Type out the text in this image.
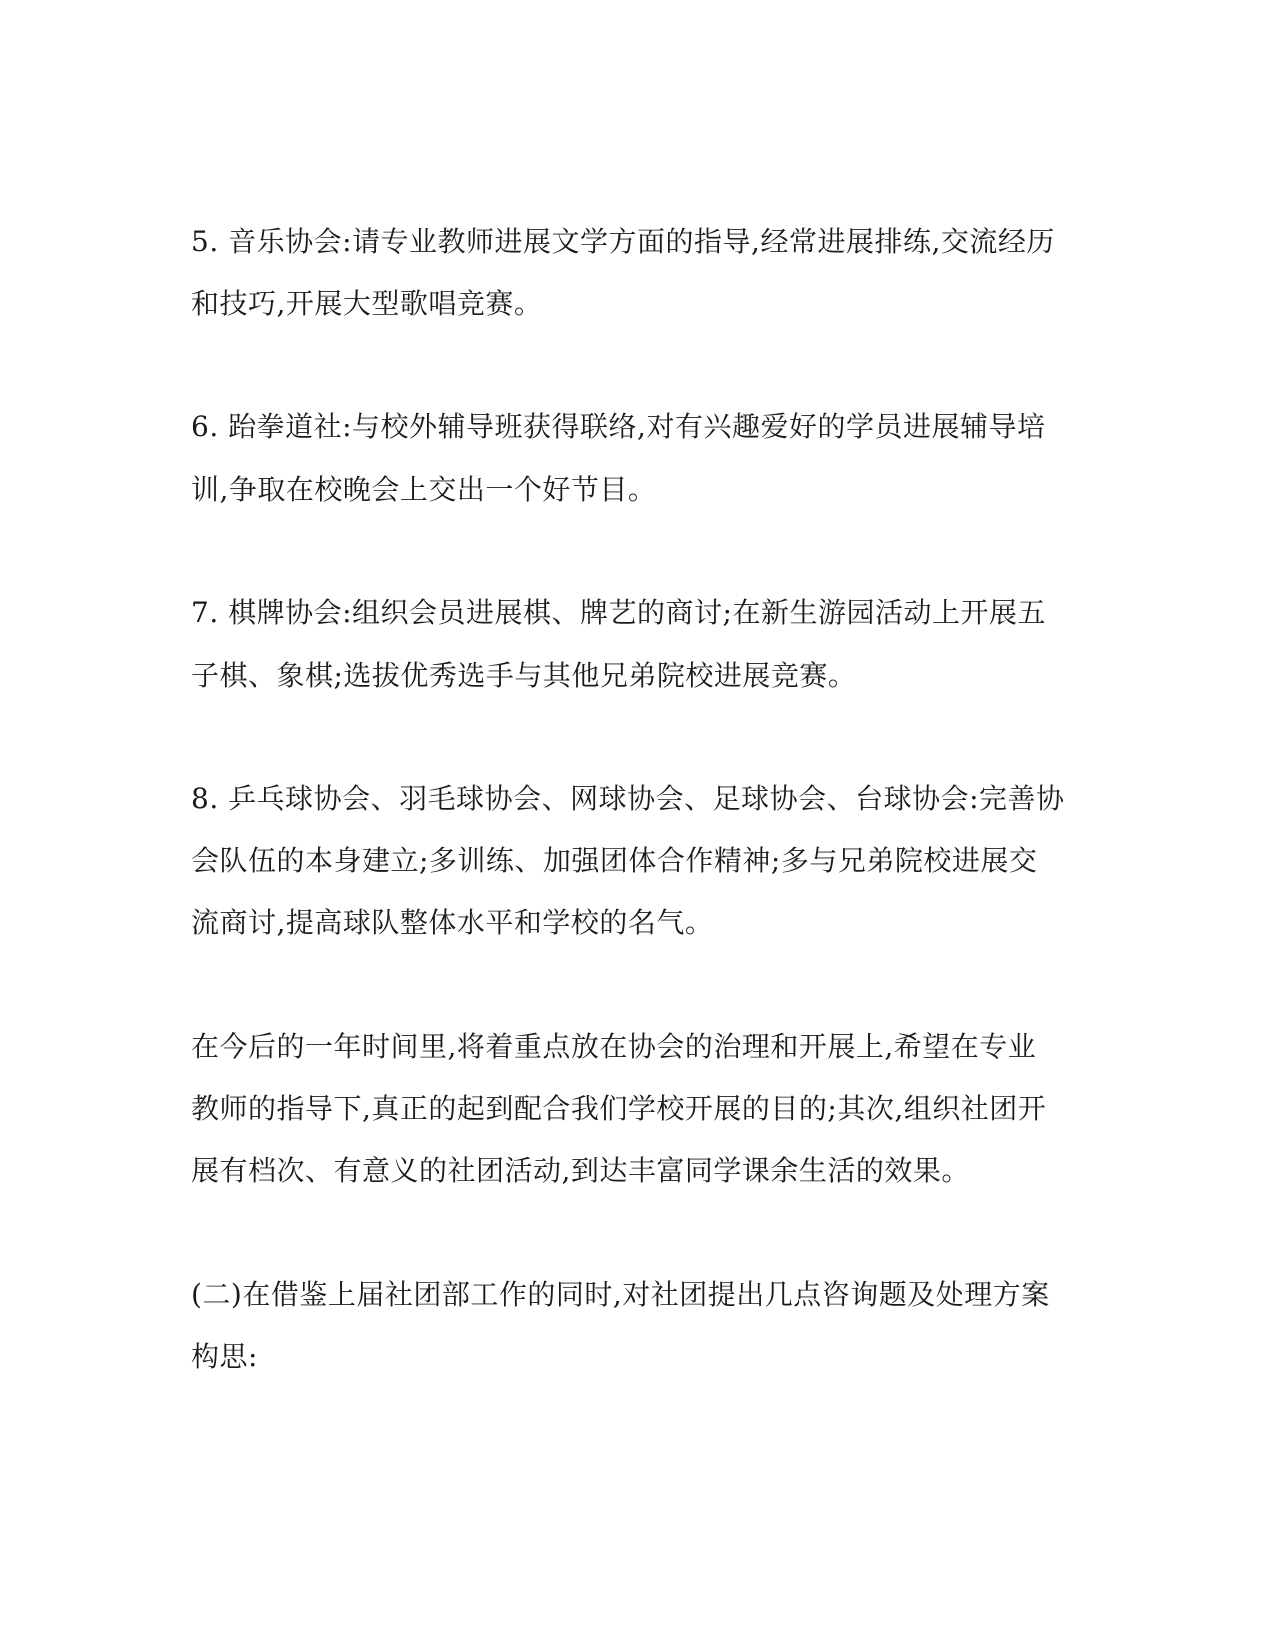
5. 音乐协会:请专业教师进展文学方面的指导,经常进展排练,交流经历
和技巧,开展大型歌唱竞赛。
6. 跆拳道社:与校外辅导班获得联络,对有兴趣爱好的学员进展辅导培
训,争取在校晚会上交出一个好节目。
7. 棋牌协会:组织会员进展棋、牌艺的商讨;在新生游园活动上开展五
子棋、象棋;选拔优秀选手与其他兄弟院校进展竞赛。
8. 乒乓球协会、羽毛球协会、网球协会、足球协会、台球协会:完善协
会队伍的本身建立;多训练、加强团体合作精神;多与兄弟院校进展交
流商讨,提高球队整体水平和学校的名气。
在今后的一年时间里,将着重点放在协会的治理和开展上,希望在专业
教师的指导下,真正的起到配合我们学校开展的目的;其次,组织社团开
展有档次、有意义的社团活动,到达丰富同学课余生活的效果。
(二)在借鉴上届社团部工作的同时,对社团提出几点咨询题及处理方案
构思:
